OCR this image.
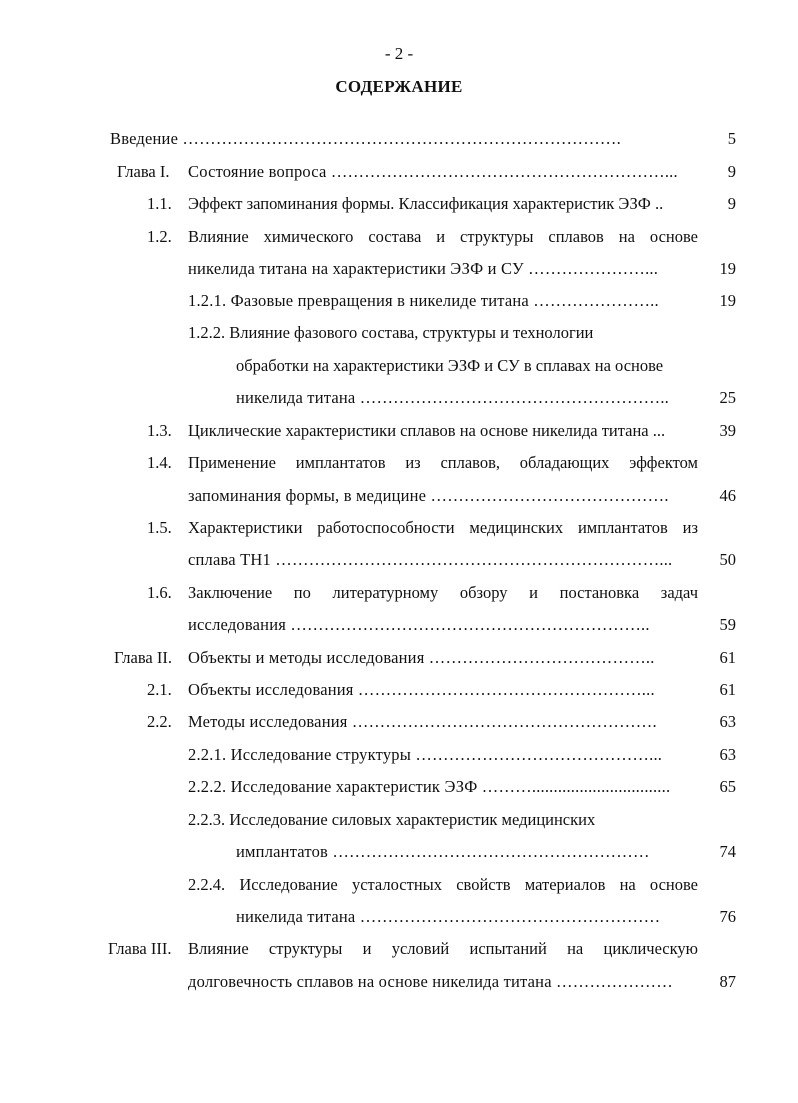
- 2 -
СОДЕРЖАНИЕ
Введение …………………………………………………………………….	5
Глава I. Состояние вопроса ……………………………………………………...	9
1.1. Эффект запоминания формы. Классификация характеристик ЭЗФ ..	9
1.2. Влияние химического состава и структуры сплавов на основе
никелида титана на характеристики ЭЗФ и СУ …………………...	19
1.2.1. Фазовые превращения в никелиде титана …………………..	19
1.2.2. Влияние фазового состава, структуры и технологии
обработки на характеристики ЭЗФ и СУ в сплавах на основе
никелида титана ………………………………………………..	25
1.3. Циклические характеристики сплавов на основе никелида титана ...	39
1.4. Применение имплантатов из сплавов, обладающих эффектом
запоминания формы, в медицине …………………………………….	46
1.5. Характеристики работоспособности медицинских имплантатов из
сплава ТН1 ……………………………………………………………...	50
1.6. Заключение по литературному обзору и постановка задач
исследования ………………………………………………………..	59
Глава II. Объекты и методы исследования …………………………………..	61
2.1. Объекты исследования ……………………………………………...	61
2.2. Методы исследования ……………………………………………….	63
2.2.1. Исследование структуры ……………………………………...	63
2.2.2. Исследование характеристик ЭЗФ ………................................	65
2.2.3. Исследование силовых характеристик медицинских
имплантатов …………………………………………………	74
2.2.4. Исследование усталостных свойств материалов на основе
никелида титана ………………………………………………	76
Глава III. Влияние структуры и условий испытаний на циклическую
долговечность сплавов на основе никелида титана …………………	87
